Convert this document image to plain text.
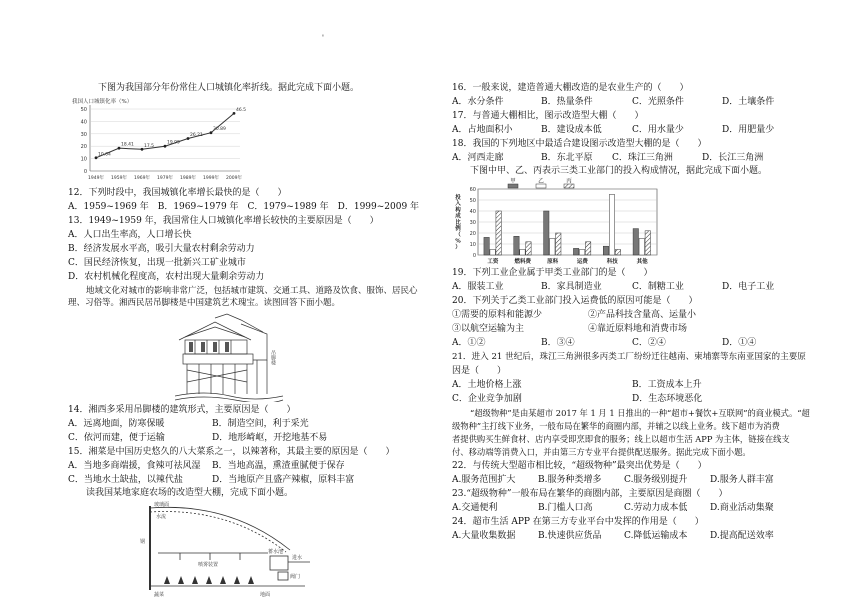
'
下图为我国部分年份常住人口城镇化率折线。据此完成下面小题。
我国人口城镇化率（%）
50
40
30
20
10
0
1949年 1959年 1969年 1979年 1989年 1999年 2009年
10.64
18.41 17.5
19.99
26.21
30.89
46.5
12．下列时段中，我国城镇化率增长最快的是（　　）
A．1959~1969 年　B．1969~1979 年　C．1979~1989 年　D．1999~2009 年
13．1949~1959 年，我国常住人口城镇化率增长较快的主要原因是（　　）
A．人口出生率高，人口增长快
B．经济发展水平高，吸引大量农村剩余劳动力
C．国民经济恢复，出现一批新兴工矿业城市
D．农村机械化程度高，农村出现大量剩余劳动力
地域文化对城市的影响非常广泛，包括城市建筑、交通工具、道路及饮食、服饰、居民心
理、习俗等。湘西民居吊脚楼是中国建筑艺术瑰宝。读图回答下面小题。
吊脚楼
14．湘西多采用吊脚楼的建筑形式，主要原因是（　　）
A．远离地面，防寒保暖	B．制造空间，利于采光
C．依河而建，便于运输	D．地形崎岖，开挖地基不易
15．湘菜是中国历史悠久的八大菜系之一，以辣著称，其最主要的原因是（　　）
A．当地多商端援，食辣可祛风湿 B．当地高温，熏渣重腻便于保存
C．当地水土缺盐，以辣代盐	D．当地原产且盛产辣椒，原料丰富
读我国某地家庭农场的改造型大棚，完成下面小题。
玻璃面
水流
钢
喷雾装置
蓄水池
进水
阀门
蔬菜	地面
16．一般来说，建造普通大棚改造的是农业生产的（　　）
A．水分条件	B．热量条件	C．光照条件	D．土壤条件
17．与普通大棚相比，图示改造型大棚（　　）
A．占地面积小	B．建设成本低	C．用水量少	D．用肥量少
18．我国的下列地区中最适合建设图示改造型大棚的是（　　）
A．河西走廊	B．东北平原 C．珠江三角洲	D．长江三角洲
下图中甲、乙、丙表示三类工业部门的投入构成情况，据此完成下面小题。
甲	乙	丙
投
入
构
成
比
例
（
%
）
60
50
40
30
20
10
0
工资	燃料费	原料	运费	科技	其他
19．下列工业企业属于甲类工业部门的是（　　）
A．服装工业	B．家具制造业	C．制糖工业	D．电子工业
20．下列关于乙类工业部门投入运费低的原因可能是（　　）
①需要的原料和能源少	②产品科技含量高、运量小
③以航空运输为主	④靠近原料地和消费市场
A．①②	B．③④	C．②④	D．①④
21．进入 21 世纪后，珠江三角洲很多丙类工厂纷纷迁往越南、柬埔寨等东南亚国家的主要原
因是（　　）
A．土地价格上涨	B．工资成本上升
C．企业竞争加剧	D．生态环境恶化
“超级物种”是由某超市 2017 年 1 月 1 日推出的一种“超市+餐饮+互联网”的商业模式。“超
级物种”主打线下业务，一般布局在繁华的商圈内部，并辅之以线上业务。线下超市为消费
者提供购买生鲜食材、店内享受即烹即食的服务；线上以超市生活 APP 为主体，链接在线支
付、移动端等消费入口，并由第三方专业平台提供配送服务。据此完成下面小题。
22．与传统大型超市相比较，“超级物种”最突出优势是（　　）
A.服务范围扩大	B.服务种类增多	C.服务级别提升	D.服务人群丰富
23.“超级物种”一般布局在繁华的商圈内部，主要原因是商圈（　　）
A.交通便利	B.门槛人口高	C.劳动力成本低	D.商业活动集聚
24．超市生活 APP 在第三方专业平台中发挥的作用是（　　）
A.大量收集数据	B.快速供应货品	C.降低运输成本	D.提高配送效率
